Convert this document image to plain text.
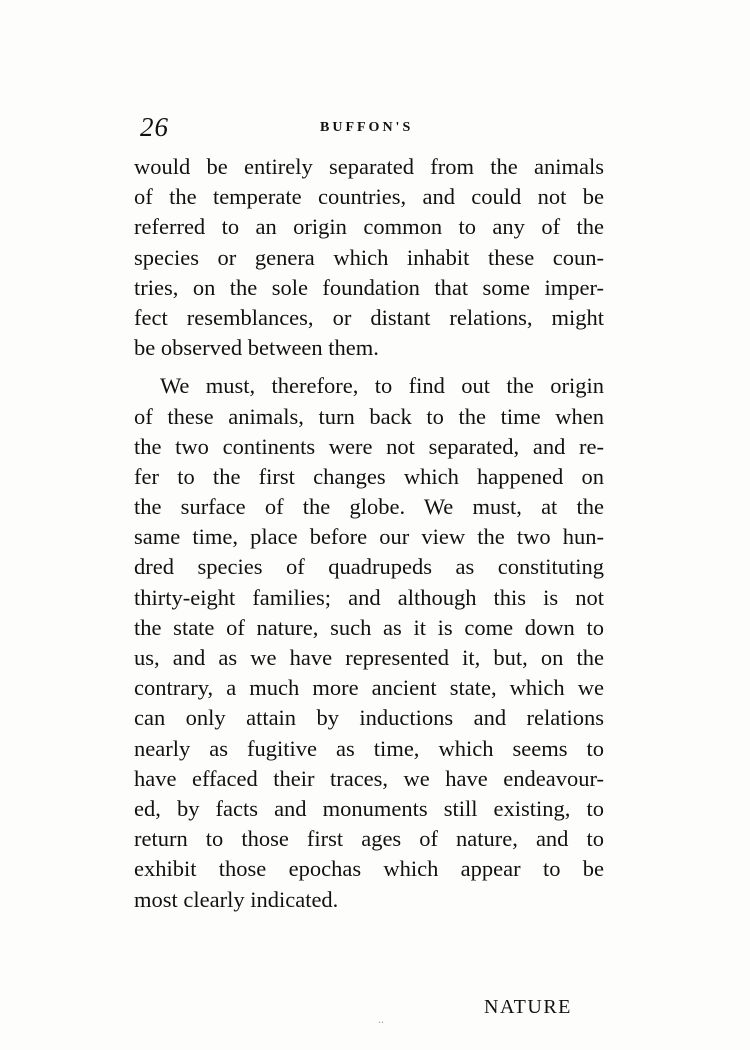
26	BUFFON'S
would be entirely separated from the animals
of the temperate countries, and could not be
referred to an origin common to any of the
species or genera which inhabit these coun-
tries, on the sole foundation that some imper-
fect resemblances, or distant relations, might
be observed between them.
We must, therefore, to find out the origin
of these animals, turn back to the time when
the two continents were not separated, and re-
fer to the first changes which happened on
the surface of the globe. We must, at the
same time, place before our view the two hun-
dred species of quadrupeds as constituting
thirty-eight families; and although this is not
the state of nature, such as it is come down to
us, and as we have represented it, but, on the
contrary, a much more ancient state, which we
can only attain by inductions and relations
nearly as fugitive as time, which seems to
have effaced their traces, we have endeavour-
ed, by facts and monuments still existing, to
return to those first ages of nature, and to
exhibit those epochas which appear to be
most clearly indicated.
..
NATURE
